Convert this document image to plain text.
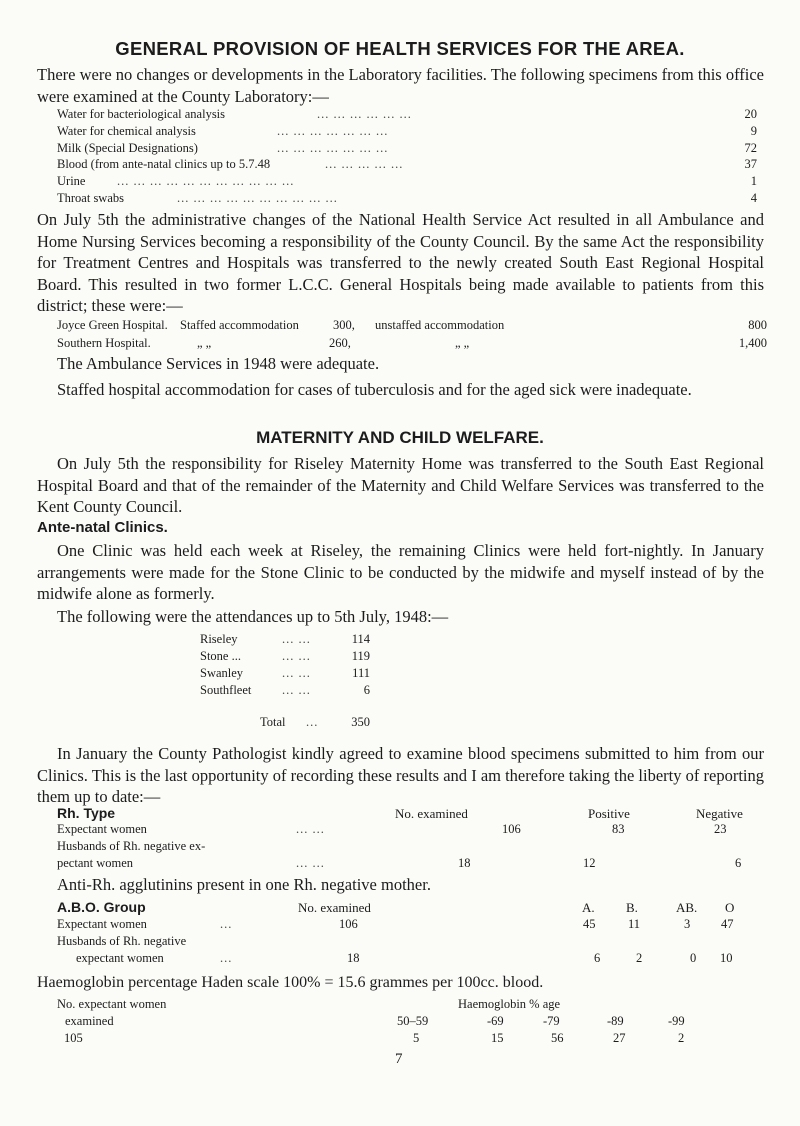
GENERAL PROVISION OF HEALTH SERVICES FOR THE AREA.

There were no changes or developments in the Laboratory facilities. The following specimens from this office were examined at the County Laboratory:—

Water for bacteriological analysis	... ... ... ... ... ...	20
Water for chemical analysis	... ... ... ... ... ... ...	9
Milk (Special Designations)	... ... ... ... ... ... ...	72
Blood (from ante-natal clinics up to 5.7.48	... ... ... ... ...	37
Urine	... ... ... ... ... ... ... ... ... ... ...	1
Throat swabs	... ... ... ... ... ... ... ... ... ...	4

On July 5th the administrative changes of the National Health Service Act resulted in all Ambulance and Home Nursing Services becoming a responsibility of the County Council. By the same Act the responsibility for Treatment Centres and Hospitals was transferred to the newly created South East Regional Hospital Board. This resulted in two former L.C.C. General Hospitals being made available to patients from this district; these were:—

Joyce Green Hospital. Staffed accommodation	300, unstaffed accommodation	800
Southern Hospital.	„ „	260,	„ „	1,400

The Ambulance Services in 1948 were adequate.

Staffed hospital accommodation for cases of tuberculosis and for the aged sick were inadequate.

MATERNITY AND CHILD WELFARE.

On July 5th the responsibility for Riseley Maternity Home was transferred to the South East Regional Hospital Board and that of the remainder of the Maternity and Child Welfare Services was transferred to the Kent County Council.

Ante-natal Clinics.

One Clinic was held each week at Riseley, the remaining Clinics were held fort-nightly. In January arrangements were made for the Stone Clinic to be conducted by the midwife and myself instead of by the midwife alone as formerly.

The following were the attendances up to 5th July, 1948:—

Riseley	... ...	114
Stone ...	... ...	119
Swanley	... ...	111
Southfleet ... ...	6
Total ...	350

In January the County Pathologist kindly agreed to examine blood specimens submitted to him from our Clinics. This is the last opportunity of recording these results and I am therefore taking the liberty of reporting them up to date:—

Rh. Type	No. examined	Positive	Negative
Expectant women	... ...	106	83	23
Husbands of Rh. negative ex-
pectant women	... ...	18	12	6

Anti-Rh. agglutinins present in one Rh. negative mother.

A.B.O. Group	No. examined	A. B.	AB. O
Expectant women	...	106	45	11	3 47
Husbands of Rh. negative
expectant women	...	18	6	2	0 10

Haemoglobin percentage Haden scale 100% = 15.6 grammes per 100cc. blood.

No. expectant women	Haemoglobin % age
examined	50–59	-69	-79	-89	-99
105	5	15	56	27	2
7
